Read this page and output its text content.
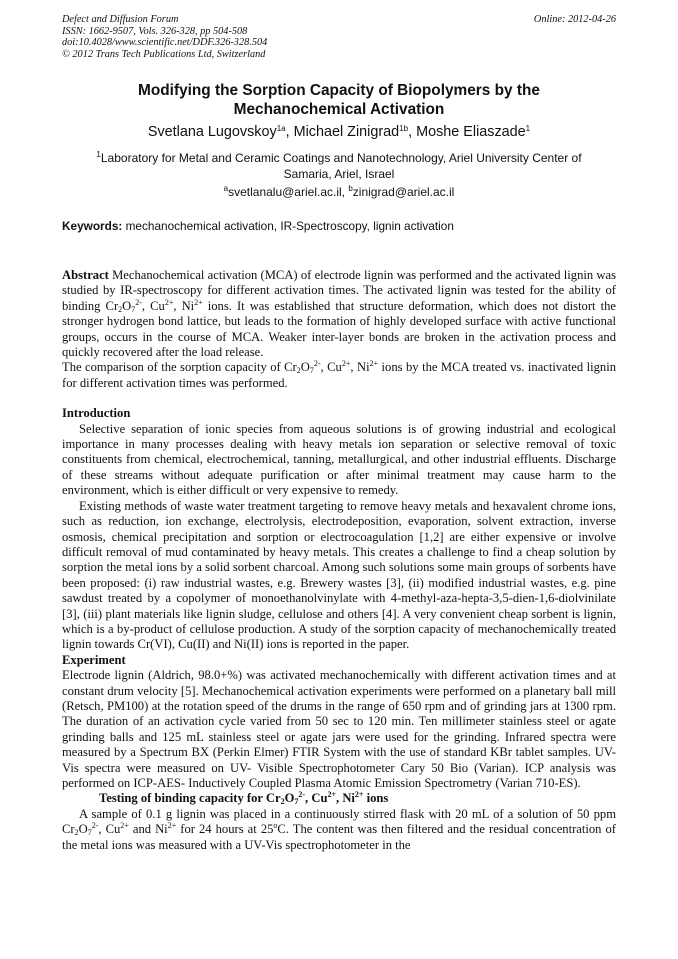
Defect and Diffusion Forum
ISSN: 1662-9507, Vols. 326-328, pp 504-508
doi:10.4028/www.scientific.net/DDF.326-328.504
© 2012 Trans Tech Publications Ltd, Switzerland
Online: 2012-04-26
Modifying the Sorption Capacity of Biopolymers by the
Mechanochemical Activation
Svetlana Lugovskoy$^{1a}$, Michael Zinigrad$^{1b}$, Moshe Eliaszade$^1$
$^1$Laboratory for Metal and Ceramic Coatings and Nanotechnology, Ariel University Center of Samaria, Ariel, Israel
$^a$svetlanalu@ariel.ac.il, $^b$zinigrad@ariel.ac.il
Keywords: mechanochemical activation, IR-Spectroscopy, lignin activation

Abstract Mechanochemical activation (MCA) of electrode lignin was performed and the activated lignin was studied by IR-spectroscopy for different activation times. The activated lignin was tested for the ability of binding $Cr_2O_7^{2-}$, $Cu^{2+}$, $Ni^{2+}$ ions. It was established that structure deformation, which does not distort the stronger hydrogen bond lattice, but leads to the formation of highly developed surface with active functional groups, occurs in the course of MCA. Weaker inter-layer bonds are broken in the activation process and quickly recovered after the load release.

The comparison of the sorption capacity of $Cr_2O_7^{2-}$, $Cu^{2+}$, $Ni^{2+}$ ions by the MCA treated vs. inactivated lignin for different activation times was performed.

Introduction

Selective separation of ionic species from aqueous solutions is of growing industrial and ecological importance in many processes dealing with heavy metals ion separation or selective removal of toxic constituents from chemical, electrochemical, tanning, metallurgical, and other industrial effluents. Discharge of these streams without adequate purification or after minimal treatment may cause harm to the environment, which is either difficult or very expensive to remedy.

Existing methods of waste water treatment targeting to remove heavy metals and hexavalent chrome ions, such as reduction, ion exchange, electrolysis, electrodeposition, evaporation, solvent extraction, inverse osmosis, chemical precipitation and sorption or electrocoagulation [1,2] are either expensive or involve difficult removal of mud contaminated by heavy metals. This creates a challenge to find a cheap solution by sorption the metal ions by a solid sorbent charcoal. Among such solutions some main groups of sorbents have been proposed: (i) raw industrial wastes, e.g. Brewery wastes [3], (ii) modified industrial wastes, e.g. pine sawdust treated by a copolymer of monoethanolvinylate with 4-methyl-aza-hepta-3,5-dien-1,6-diolvinilate [3], (iii) plant materials like lignin sludge, cellulose and others [4]. A very convenient cheap sorbent is lignin, which is a by-product of cellulose production. A study of the sorption capacity of mechanochemically treated lignin towards Cr(VI), Cu(II) and Ni(II) ions is reported in the paper.

Experiment

Electrode lignin (Aldrich, 98.0+%) was activated mechanochemically with different activation times and at constant drum velocity [5]. Mechanochemical activation experiments were performed on a planetary ball mill (Retsch, PM100) at the rotation speed of the drums in the range of 650 rpm and of grinding jars at 1300 rpm. The duration of an activation cycle varied from 50 sec to 120 min. Ten millimeter stainless steel or agate grinding balls and 125 mL stainless steel or agate jars were used for the grinding. Infrared spectra were measured by a Spectrum BX (Perkin Elmer) FTIR System with the use of standard KBr tablet samples. UV-Vis spectra were measured on UV- Visible Spectrophotometer Cary 50 Bio (Varian). ICP analysis was performed on ICP-AES- Inductively Coupled Plasma Atomic Emission Spectrometry (Varian 710-ES).

Testing of binding capacity for $Cr_2O_7^{2-}$, $Cu^{2+}$, $Ni^{2+}$ ions

A sample of 0.1 g lignin was placed in a continuously stirred flask with 20 mL of a solution of 50 ppm $Cr_2O_7^{2-}$, $Cu^{2+}$ and $Ni^{2+}$ for 24 hours at 25$^o$C. The content was then filtered and the residual concentration of the metal ions was measured with a UV-Vis spectrophotometer in the
